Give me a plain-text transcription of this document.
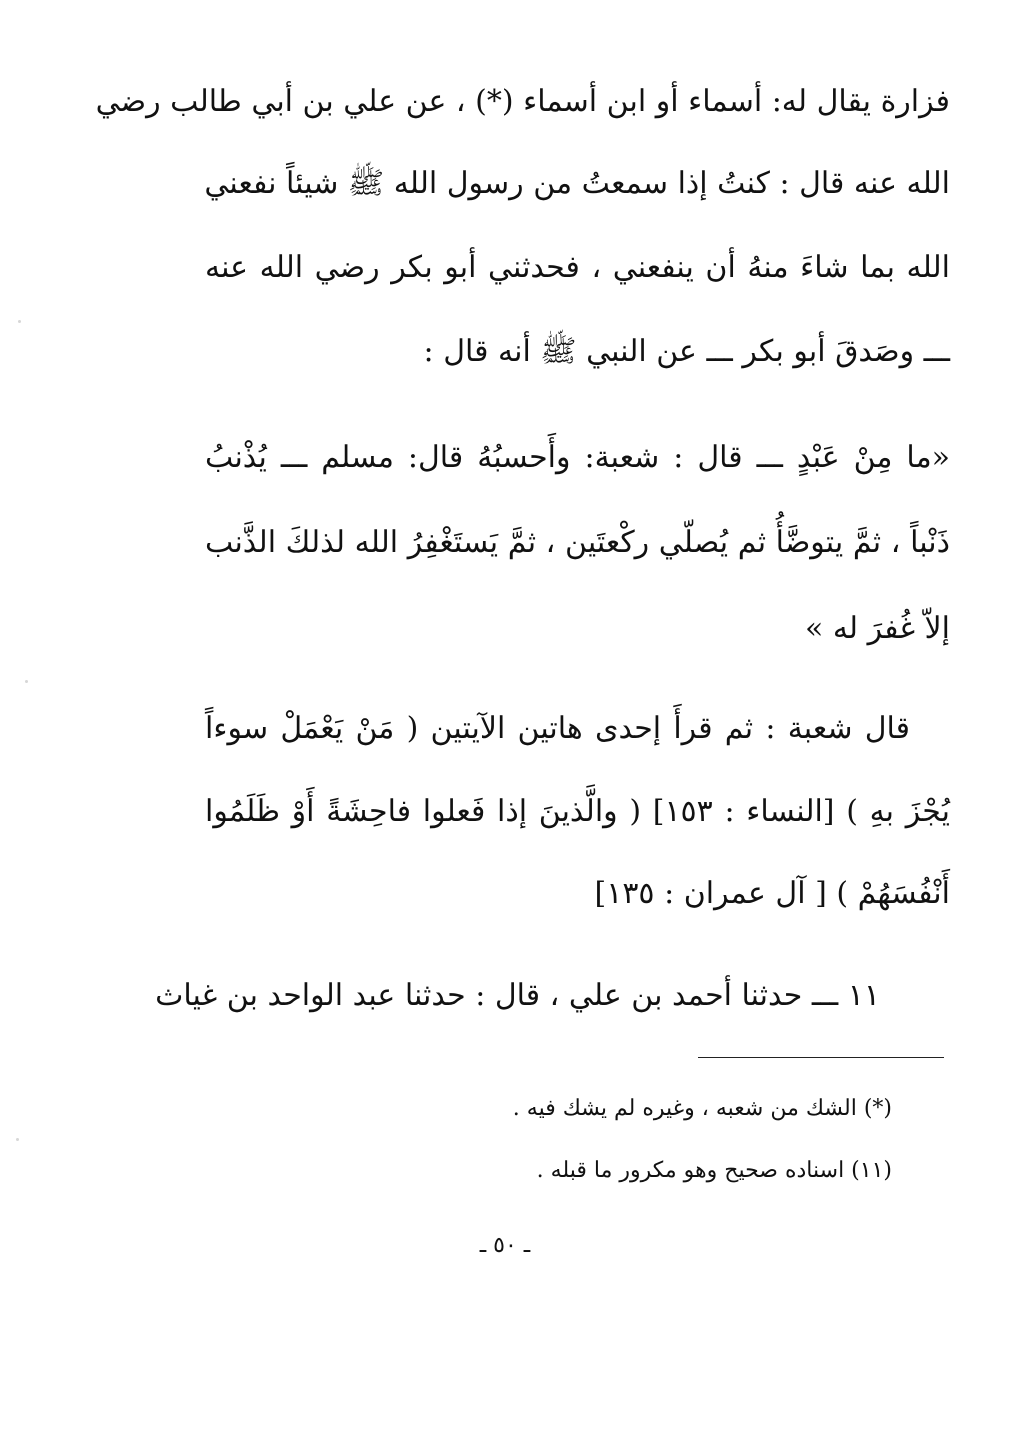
فزارة يقال له: أسماء أو ابن أسماء (*) ، عن علي بن أبي طالب رضي
الله عنه قال : كنتُ إذا سمعتُ من رسول الله ﷺ شيئاً نفعني
الله بما شاءَ منهُ أن ينفعني ، فحدثني أبو بكر رضي الله عنه
ـــ وصَدقَ أبو بكر ـــ عن النبي ﷺ أنه قال :
«ما مِنْ عَبْدٍ ـــ قال : شعبة: وأَحسبُهُ قال: مسلم ـــ يُذْنبُ
ذَنْباً ، ثمَّ يتوضَّأُ ثم يُصلّي ركْعتَين ، ثمَّ يَستَغْفِرُ الله لذلكَ الذَّنب
إلاّ غُفرَ له »
قال شعبة : ثم قرأَ إحدى هاتين الآيتين ( مَنْ يَعْمَلْ سوءاً
يُجْزَ بهِ ) [النساء : ١٥٣] ( والَّذينَ إذا فَعلوا فاحِشَةً أَوْ ظَلَمُوا
أَنْفُسَهُمْ ) [ آل عمران : ١٣٥]
١١ ـــ حدثنا أحمد بن علي ، قال : حدثنا عبد الواحد بن غياث
(*) الشك من شعبه ، وغيره لم يشك فيه .
(١١) اسناده صحيح وهو مكرور ما قبله .
ـ ٥٠ ـ
